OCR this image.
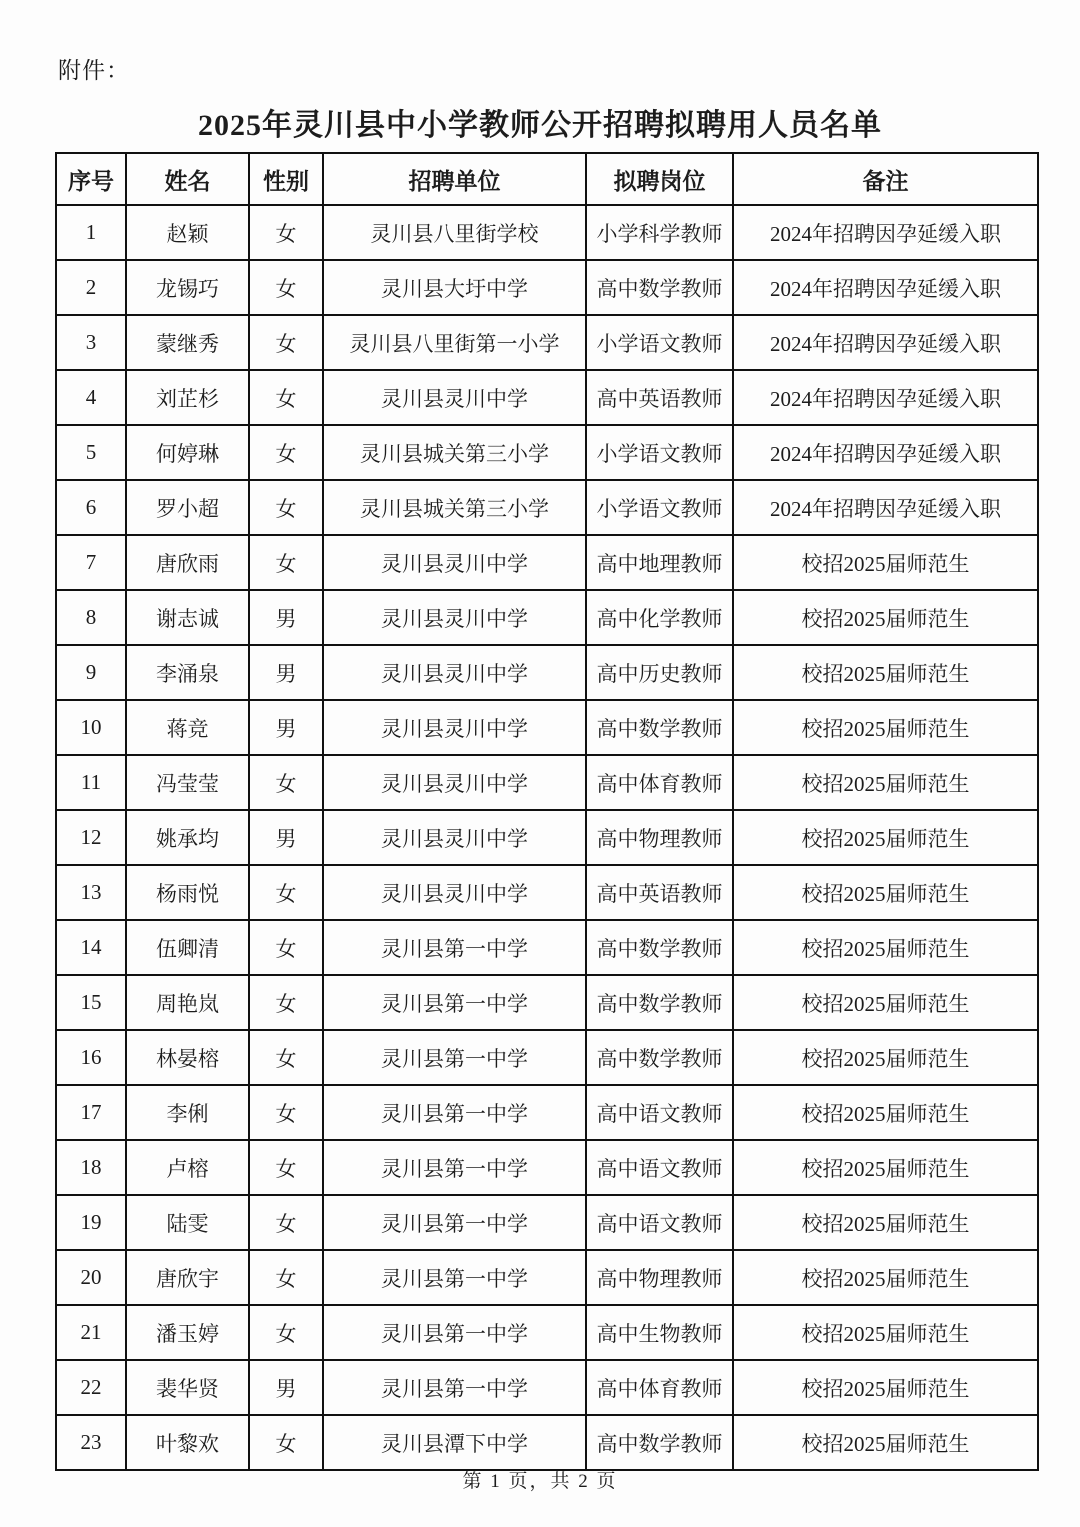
附件：
2025年灵川县中小学教师公开招聘拟聘用人员名单
序号	姓名	性别	招聘单位	拟聘岗位	备注
1	赵颖	女	灵川县八里街学校	小学科学教师	2024年招聘因孕延缓入职
2	龙锡巧	女	灵川县大圩中学	高中数学教师	2024年招聘因孕延缓入职
3	蒙继秀	女	灵川县八里街第一小学	小学语文教师	2024年招聘因孕延缓入职
4	刘芷杉	女	灵川县灵川中学	高中英语教师	2024年招聘因孕延缓入职
5	何婷琳	女	灵川县城关第三小学	小学语文教师	2024年招聘因孕延缓入职
6	罗小超	女	灵川县城关第三小学	小学语文教师	2024年招聘因孕延缓入职
7	唐欣雨	女	灵川县灵川中学	高中地理教师	校招2025届师范生
8	谢志诚	男	灵川县灵川中学	高中化学教师	校招2025届师范生
9	李涌泉	男	灵川县灵川中学	高中历史教师	校招2025届师范生
10	蒋竞	男	灵川县灵川中学	高中数学教师	校招2025届师范生
11	冯莹莹	女	灵川县灵川中学	高中体育教师	校招2025届师范生
12	姚承均	男	灵川县灵川中学	高中物理教师	校招2025届师范生
13	杨雨悦	女	灵川县灵川中学	高中英语教师	校招2025届师范生
14	伍卿清	女	灵川县第一中学	高中数学教师	校招2025届师范生
15	周艳岚	女	灵川县第一中学	高中数学教师	校招2025届师范生
16	林晏榕	女	灵川县第一中学	高中数学教师	校招2025届师范生
17	李俐	女	灵川县第一中学	高中语文教师	校招2025届师范生
18	卢榕	女	灵川县第一中学	高中语文教师	校招2025届师范生
19	陆雯	女	灵川县第一中学	高中语文教师	校招2025届师范生
20	唐欣宇	女	灵川县第一中学	高中物理教师	校招2025届师范生
21	潘玉婷	女	灵川县第一中学	高中生物教师	校招2025届师范生
22	裴华贤	男	灵川县第一中学	高中体育教师	校招2025届师范生
23	叶黎欢	女	灵川县潭下中学	高中数学教师	校招2025届师范生
第 1 页，共 2 页
